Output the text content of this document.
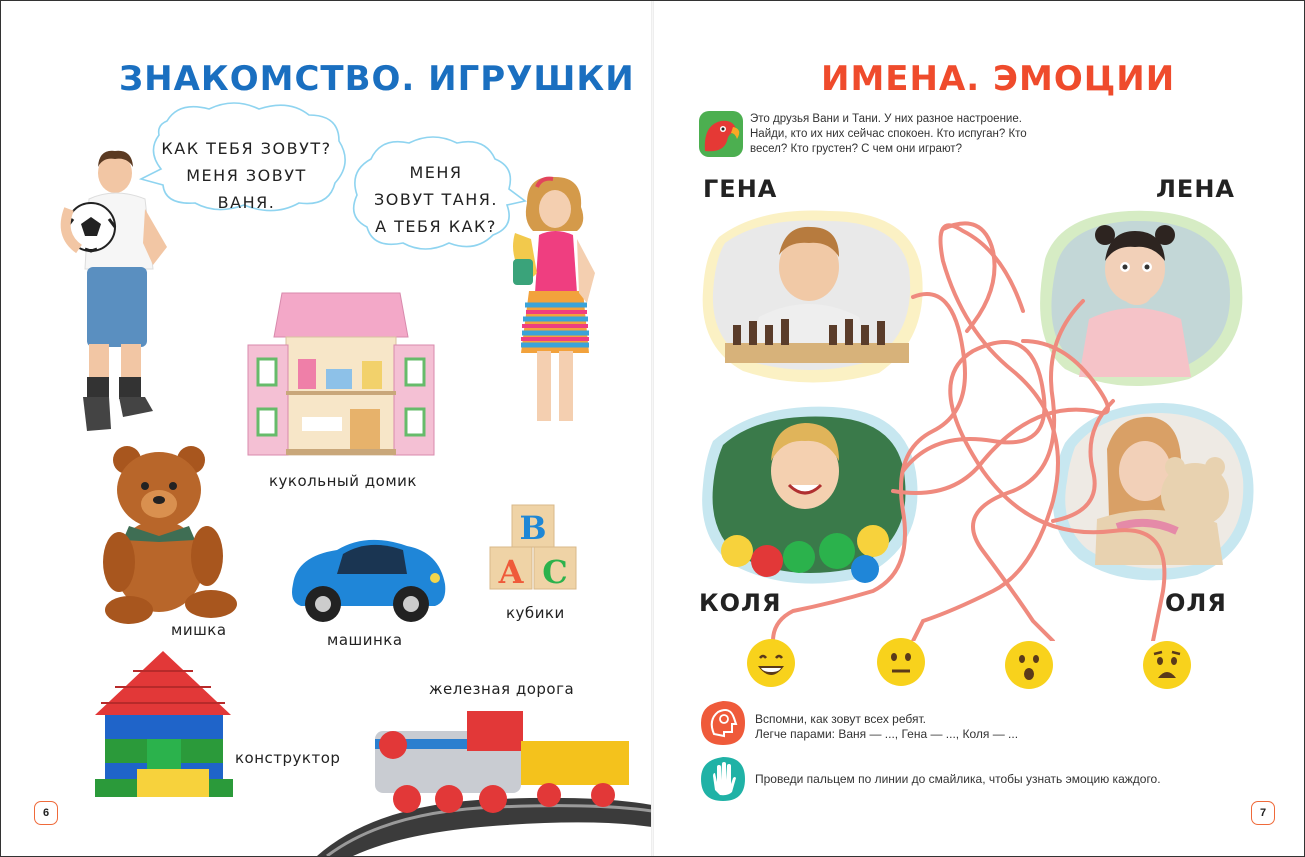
ЗНАКОМСТВО. ИГРУШКИ
КАК ТЕБЯ ЗОВУТ?
МЕНЯ ЗОВУТ
ВАНЯ.
МЕНЯ
ЗОВУТ ТАНЯ.
А ТЕБЯ КАК?
кукольный домик
мишка
машинка
B
A C
кубики
конструктор
железная дорога
6
ИМЕНА. ЭМОЦИИ
Это друзья Вани и Тани. У них разное настроение.
Найди, кто их них сейчас спокоен. Кто испуган? Кто
весел? Кто грустен? С чем они играют?
ГЕНА	ЛЕНА
КОЛЯ	ОЛЯ
Вспомни, как зовут всех ребят.
Легче парами: Ваня — ..., Гена — ..., Коля — ...
Проведи пальцем по линии до смайлика, чтобы узнать эмоцию каждого.
7
